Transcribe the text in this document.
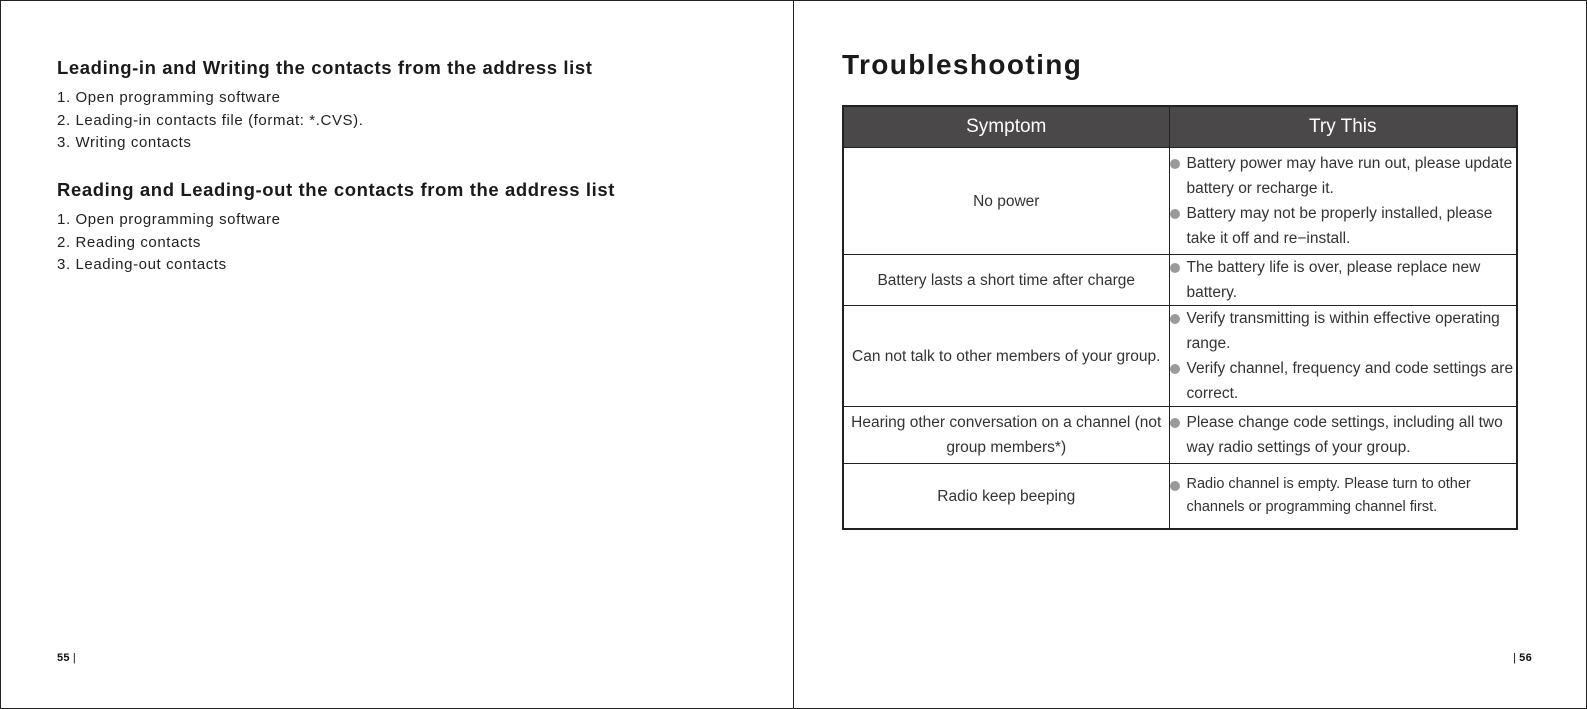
Leading-in and Writing the contacts from the address list
1. Open programming software
2. Leading-in contacts file (format: *.CVS).
3. Writing contacts
Reading and Leading-out the contacts from the address list
1. Open programming software
2. Reading contacts
3. Leading-out contacts
55 |
Troubleshooting
Symptom	Try This
No power	Battery power may have run out, please update battery or recharge it.
Battery may not be properly installed, please take it off and re−install.

Battery lasts a short time after charge	The battery life is over, please replace new battery.

Can not talk to other members of your group.	Verify transmitting is within effective operating range.
Verify channel, frequency and code settings are correct.

Hearing other conversation on a channel (not group members*)	Please change code settings, including all two way radio settings of your group.

Radio keep beeping	Radio channel is empty. Please turn to other channels or programming channel first.
| 56
